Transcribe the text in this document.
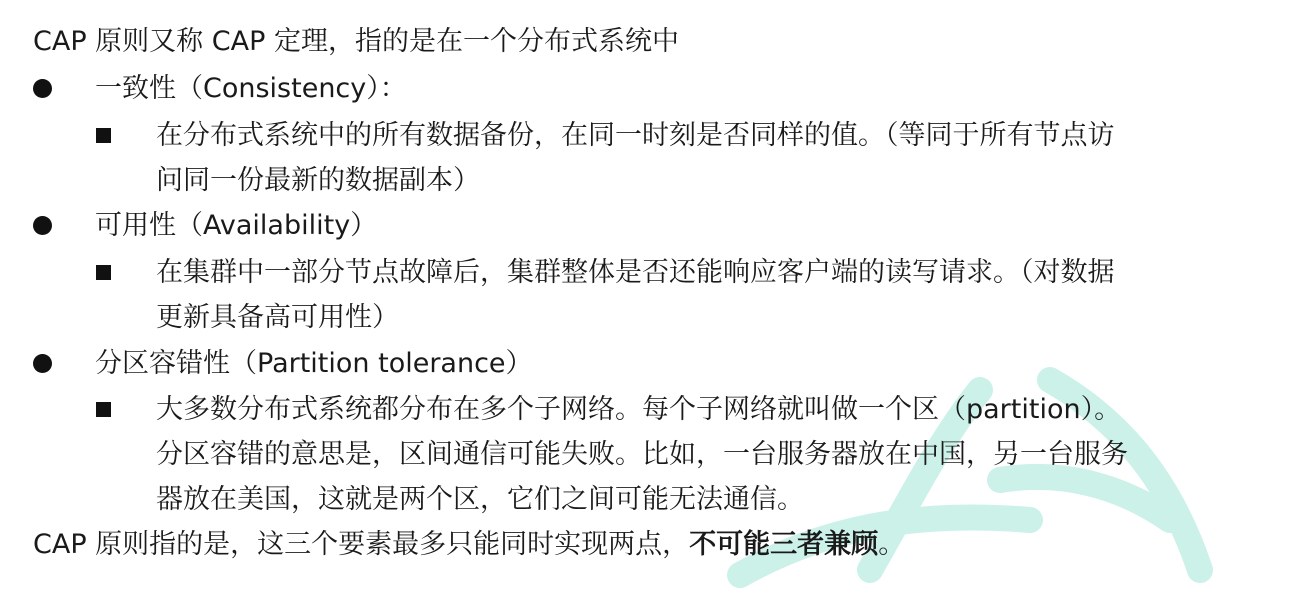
CAP 原则又称 CAP 定理，指的是在一个分布式系统中
一致性（Consistency）：
在分布式系统中的所有数据备份，在同一时刻是否同样的值。（等同于所有节点访
问同一份最新的数据副本）
可用性（Availability）
在集群中一部分节点故障后，集群整体是否还能响应客户端的读写请求。（对数据
更新具备高可用性）
分区容错性（Partition tolerance）
大多数分布式系统都分布在多个子网络。每个子网络就叫做一个区（partition）。
分区容错的意思是，区间通信可能失败。比如，一台服务器放在中国，另一台服务
器放在美国，这就是两个区，它们之间可能无法通信。
CAP 原则指的是，这三个要素最多只能同时实现两点，不可能三者兼顾。
